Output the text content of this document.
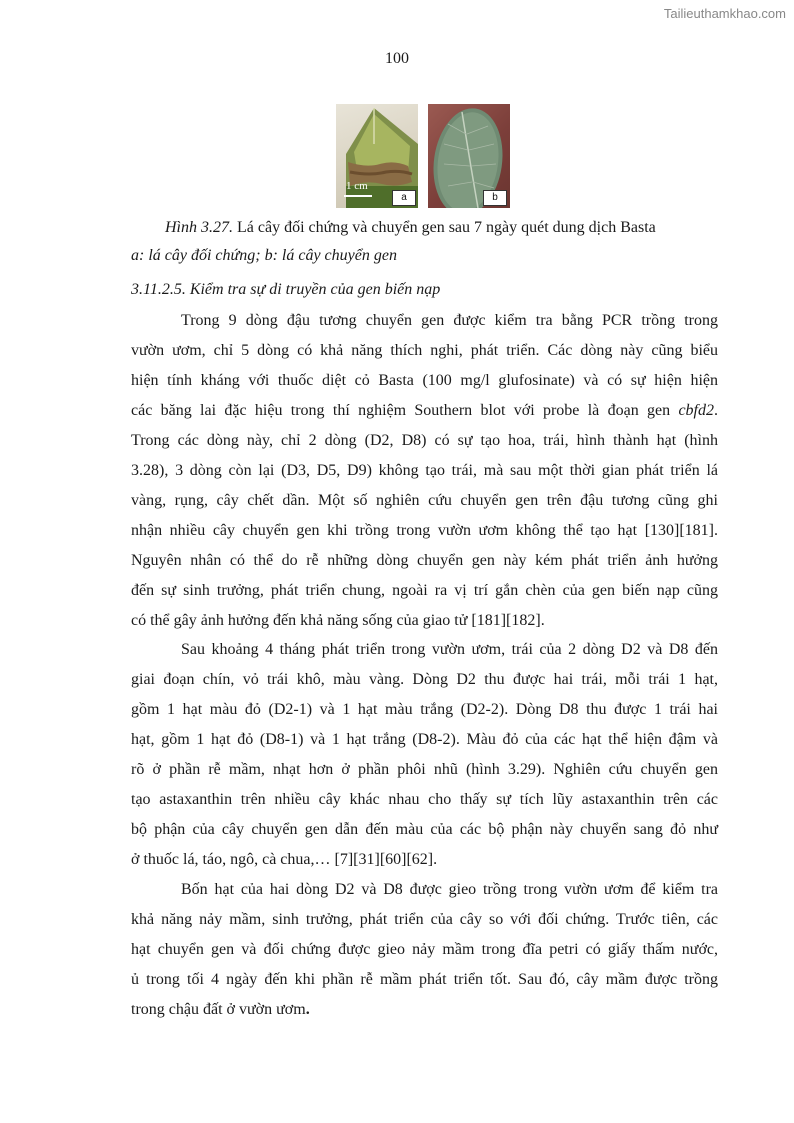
Tailieuthamkhao.com
100
1 cm
a	b
Hình 3.27. Lá cây đối chứng và chuyển gen sau 7 ngày quét dung dịch Basta
a: lá cây đối chứng; b: lá cây chuyển gen
3.11.2.5. Kiểm tra sự di truyền của gen biến nạp
Trong 9 dòng đậu tương chuyển gen được kiểm tra bằng PCR trồng trong
vườn ươm, chỉ 5 dòng có khả năng thích nghi, phát triển. Các dòng này cũng biểu
hiện tính kháng với thuốc diệt cỏ Basta (100 mg/l glufosinate) và có sự hiện hiện
các băng lai đặc hiệu trong thí nghiệm Southern blot với probe là đoạn gen cbfd2.
Trong các dòng này, chỉ 2 dòng (D2, D8) có sự tạo hoa, trái, hình thành hạt (hình
3.28), 3 dòng còn lại (D3, D5, D9) không tạo trái, mà sau một thời gian phát triển lá
vàng, rụng, cây chết dần. Một số nghiên cứu chuyển gen trên đậu tương cũng ghi
nhận nhiều cây chuyển gen khi trồng trong vườn ươm không thể tạo hạt [130][181].
Nguyên nhân có thể do rễ những dòng chuyển gen này kém phát triển ảnh hưởng
đến sự sinh trưởng, phát triển chung, ngoài ra vị trí gắn chèn của gen biến nạp cũng
có thể gây ảnh hưởng đến khả năng sống của giao tử [181][182].
Sau khoảng 4 tháng phát triển trong vườn ươm, trái của 2 dòng D2 và D8 đến
giai đoạn chín, vỏ trái khô, màu vàng. Dòng D2 thu được hai trái, mỗi trái 1 hạt,
gồm 1 hạt màu đỏ (D2-1) và 1 hạt màu trắng (D2-2). Dòng D8 thu được 1 trái hai
hạt, gồm 1 hạt đỏ (D8-1) và 1 hạt trắng (D8-2). Màu đỏ của các hạt thể hiện đậm và
rõ ở phần rễ mầm, nhạt hơn ở phần phôi nhũ (hình 3.29). Nghiên cứu chuyển gen
tạo astaxanthin trên nhiều cây khác nhau cho thấy sự tích lũy astaxanthin trên các
bộ phận của cây chuyển gen dẫn đến màu của các bộ phận này chuyển sang đỏ như
ở thuốc lá, táo, ngô, cà chua,… [7][31][60][62].
Bốn hạt của hai dòng D2 và D8 được gieo trồng trong vườn ươm để kiểm tra
khả năng nảy mầm, sinh trưởng, phát triển của cây so với đối chứng. Trước tiên, các
hạt chuyển gen và đối chứng được gieo nảy mầm trong đĩa petri có giấy thấm nước,
ủ trong tối 4 ngày đến khi phần rễ mầm phát triển tốt. Sau đó, cây mầm được trồng
trong chậu đất ở vườn ươm.
